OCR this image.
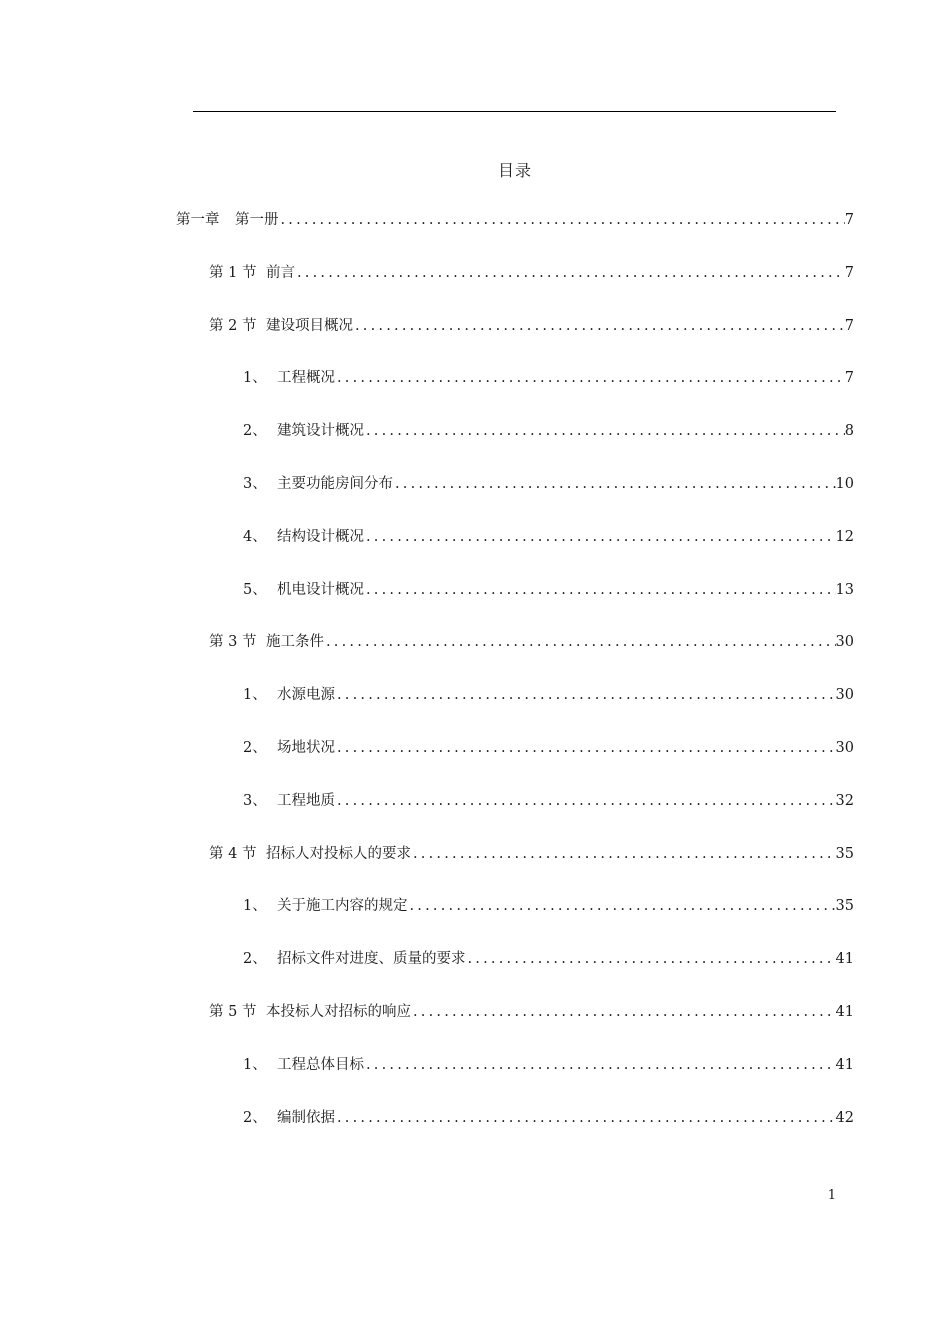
目录
第一章	第一册 .....	7
第 1 节 前言 .....	7
第 2 节 建设项目概况 .....	7
1、 工程概况 .....	7
2、 建筑设计概况 .....	8
3、 主要功能房间分布 .....	10
4、 结构设计概况 .....	12
5、 机电设计概况 .....	13
第 3 节 施工条件 .....	30
1、 水源电源 .....	30
2、 场地状况 .....	30
3、 工程地质 .....	32
第 4 节 招标人对投标人的要求 .....	35
1、 关于施工内容的规定 .....	35
2、 招标文件对进度、质量的要求 .....	41
第 5 节 本投标人对招标的响应 .....	41
1、 工程总体目标 .....	41
2、 编制依据 .....	42
1
